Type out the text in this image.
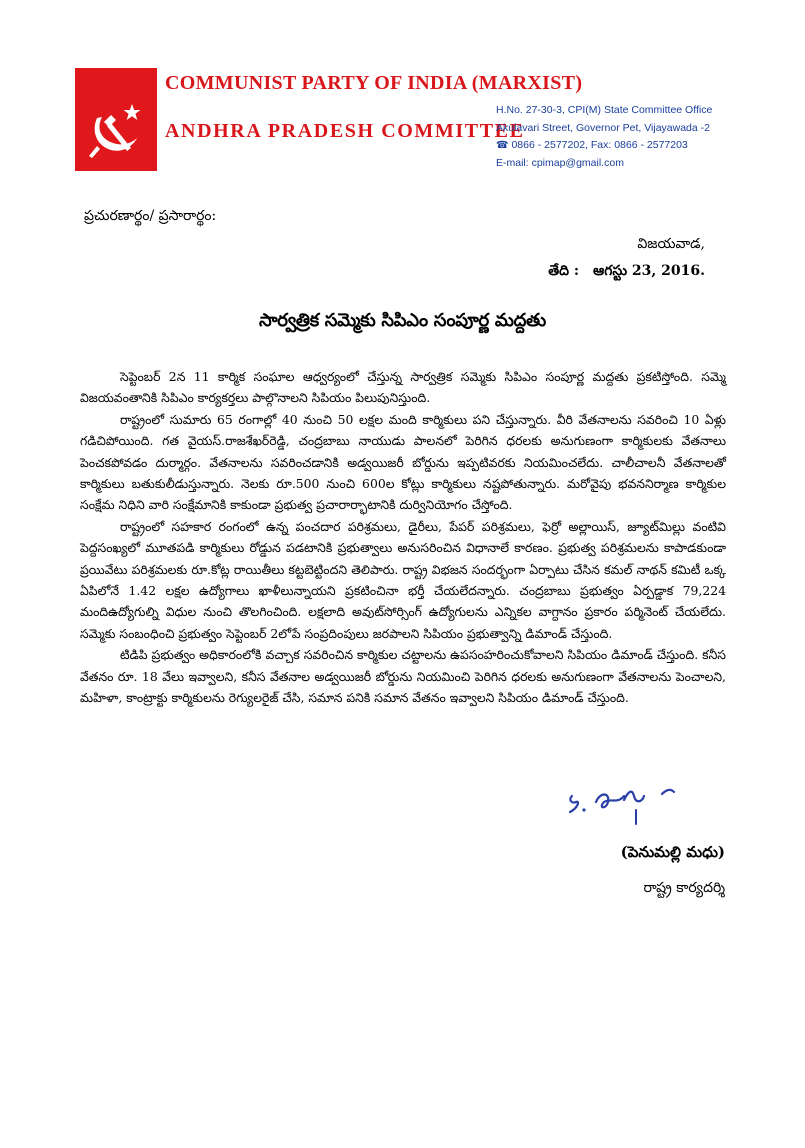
COMMUNIST PARTY OF INDIA (MARXIST)
ANDHRA PRADESH COMMITTEE
H.No. 27-30-3, CPI(M) State Committee Office
Akulavari Street, Governor Pet, Vijayawada -2
☎ 0866 - 2577202, Fax: 0866 - 2577203
E-mail: cpimap@gmail.com
ప్రచురణార్థం/ ప్రసారార్థం:
విజయవాడ,
తేది : ఆగస్టు 23, 2016.
సార్వత్రిక సమ్మెకు సిపిఎం సంపూర్ణ మద్దతు

సెప్టెంబర్ 2న 11 కార్మిక సంఘాల ఆధ్వర్యంలో చేస్తున్న సార్వత్రిక సమ్మెకు సిపిఎం సంపూర్ణ మద్దతు ప్రకటిస్తోంది. సమ్మె విజయవంతానికి సిపిఎం కార్యకర్తలు పాల్గొనాలని సిపియం పిలుపునిస్తుంది.

రాష్ట్రంలో సుమారు 65 రంగాల్లో 40 నుంచి 50 లక్షల మంది కార్మికులు పని చేస్తున్నారు. వీరి వేతనాలను సవరించి 10 ఏళ్లు గడిచిపోయింది. గత వైయస్.రాజశేఖర్‌రెడ్డి, చంద్రబాబు నాయుడు పాలనలో పెరిగిన ధరలకు అనుగుణంగా కార్మికులకు వేతనాలు పెంచకపోవడం దుర్మార్గం. వేతనాలను సవరించడానికి అడ్వయిజరీ బోర్డును ఇప్పటివరకు నియమించలేదు. చాలీచాలనీ వేతనాలతో కార్మికులు బతుకులీడుస్తున్నారు. నెలకు రూ.500 నుంచి 600ల కోట్లు కార్మికులు నష్టపోతున్నారు. మరోవైపు భవననిర్మాణ కార్మికుల సంక్షేమ నిధిని వారి సంక్షేమానికి కాకుండా ప్రభుత్వ ప్రచారార్భాటానికి దుర్వినియోగం చేస్తోంది.

రాష్ట్రంలో సహకార రంగంలో ఉన్న పంచదార పరిశ్రమలు, డైరీలు, పేపర్ పరిశ్రమలు, ఫెర్రో అల్లాయిస్, జ్యూట్‌మిల్లు వంటివి పెద్దసంఖ్యలో మూతపడి కార్మికులు రోడ్డున పడటానికి ప్రభుత్వాలు అనుసరించిన విధానాలే కారణం. ప్రభుత్వ పరిశ్రమలను కాపాడకుండా ప్రయివేటు పరిశ్రమలకు రూ.కోట్ల రాయితీలు కట్టబెట్టిందని తెలిపారు. రాష్ట్ర విభజన సందర్భంగా ఏర్పాటు చేసిన కమల్ నాథన్ కమిటీ ఒక్క ఏపిలోనే 1.42 లక్షల ఉద్యోగాలు ఖాళీలున్నాయని ప్రకటించినా భర్తీ చేయలేదన్నారు. చంద్రబాబు ప్రభుత్వం ఏర్పడ్డాక 79,224 మందిఉద్యోగుల్ని విధుల నుంచి తొలగించింది. లక్షలాది అవుట్‌సోర్సింగ్ ఉద్యోగులను ఎన్నికల వాగ్దానం ప్రకారం పర్మినెంట్ చేయలేదు. సమ్మెకు సంబంధించి ప్రభుత్వం సెప్టెంబర్ 2లోపే సంప్రదింపులు జరపాలని సిపియం ప్రభుత్వాన్ని డిమాండ్ చేస్తుంది.

టిడిపి ప్రభుత్వం అధికారంలోకి వచ్చాక సవరించిన కార్మికుల చట్టాలను ఉపసంహరించుకోవాలని సిపియం డిమాండ్ చేస్తుంది. కనీస వేతనం రూ. 18 వేలు ఇవ్వాలని, కనీస వేతనాల అడ్వయిజరీ బోర్డును నియమించి పెరిగిన ధరలకు అనుగుణంగా వేతనాలను పెంచాలని, మహిళా, కాంట్రాక్టు కార్మికులను రెగ్యులరైజ్ చేసి, సమాన పనికి సమాన వేతనం ఇవ్వాలని సిపియం డిమాండ్ చేస్తుంది.

(పెనుమల్లి మధు)
రాష్ట్ర కార్యదర్శి
